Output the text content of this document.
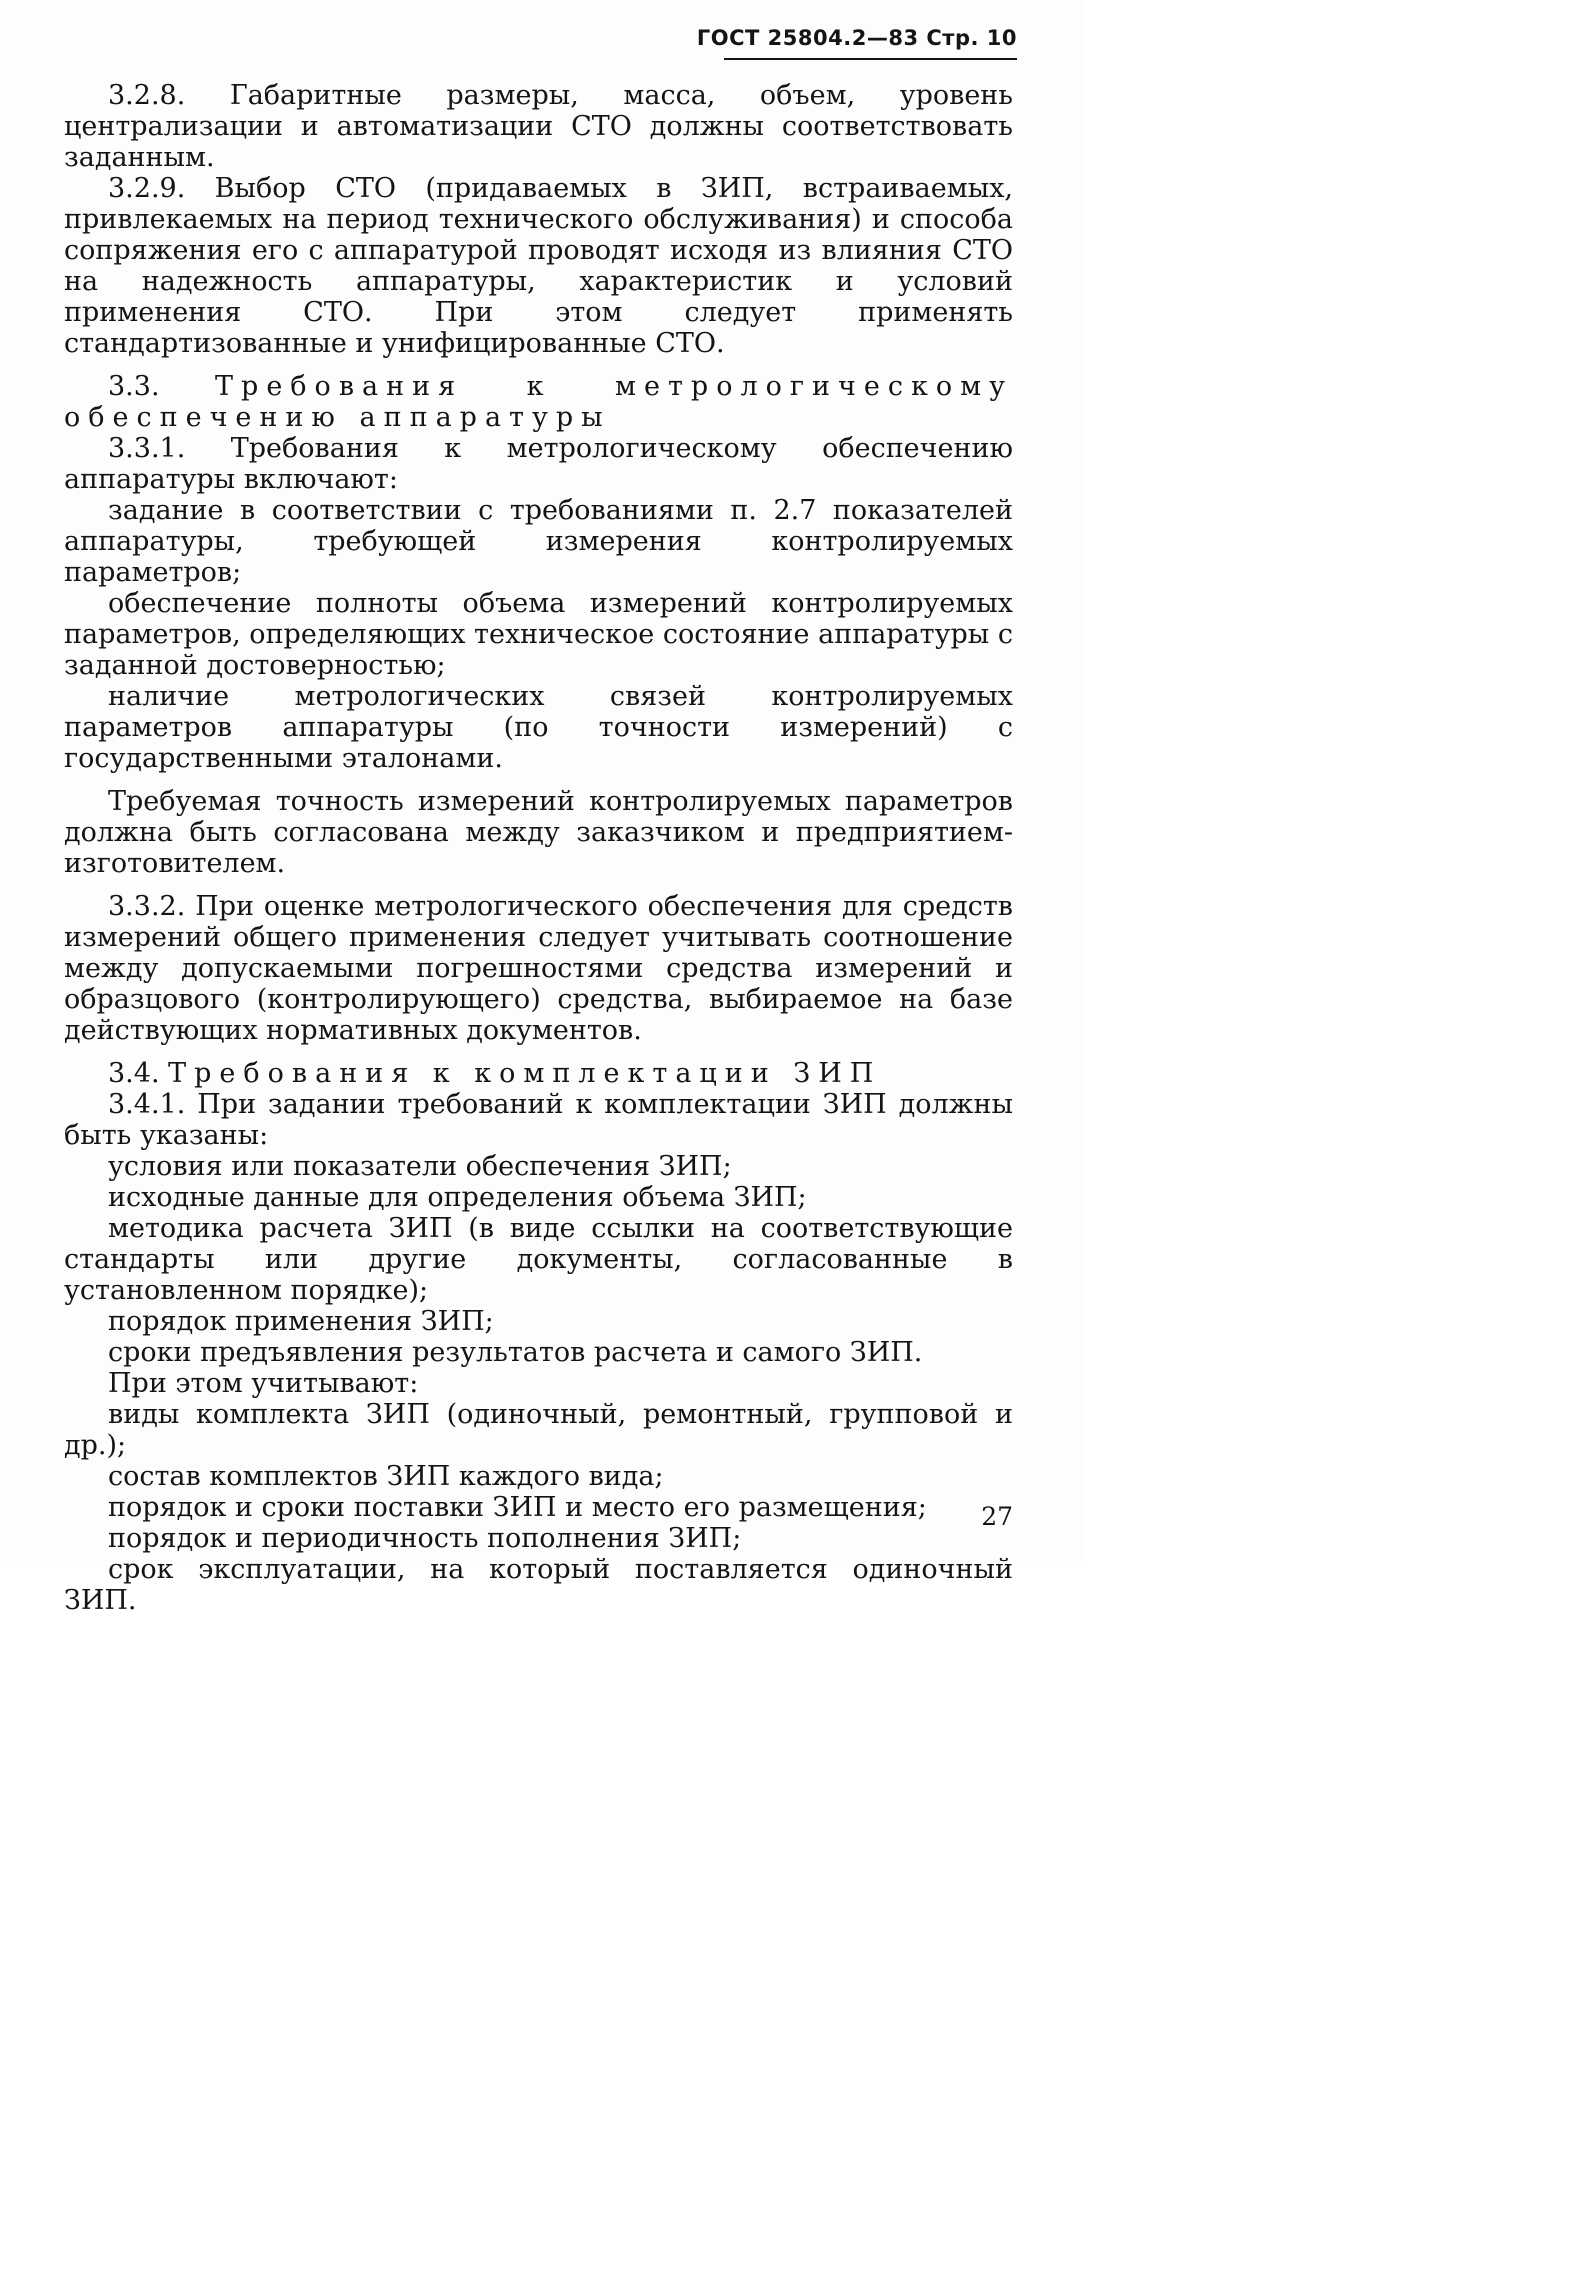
ГОСТ 25804.2—83 Стр. 10

3.2.8. Габаритные размеры, масса, объем, уровень централизации и автоматизации СТО должны соответствовать заданным.

3.2.9. Выбор СТО (придаваемых в ЗИП, встраиваемых, привлекаемых на период технического обслуживания) и способа сопряжения его с аппаратурой проводят исходя из влияния СТО на надежность аппаратуры, характеристик и условий применения СТО. При этом следует применять стандартизованные и унифицированные СТО.

3.3. Требования к метрологическому обеспечению аппаратуры

3.3.1. Требования к метрологическому обеспечению аппаратуры включают:

задание в соответствии с требованиями п. 2.7 показателей аппаратуры, требующей измерения контролируемых параметров;

обеспечение полноты объема измерений контролируемых параметров, определяющих техническое состояние аппаратуры с заданной достоверностью;

наличие метрологических связей контролируемых параметров аппаратуры (по точности измерений) с государственными эталонами.

Требуемая точность измерений контролируемых параметров должна быть согласована между заказчиком и предприятием-изготовителем.

3.3.2. При оценке метрологического обеспечения для средств измерений общего применения следует учитывать соотношение между допускаемыми погрешностями средства измерений и образцового (контролирующего) средства, выбираемое на базе действующих нормативных документов.

3.4. Требования к комплектации ЗИП

3.4.1. При задании требований к комплектации ЗИП должны быть указаны:

условия или показатели обеспечения ЗИП;

исходные данные для определения объема ЗИП;

методика расчета ЗИП (в виде ссылки на соответствующие стандарты или другие документы, согласованные в установленном порядке);

порядок применения ЗИП;

сроки предъявления результатов расчета и самого ЗИП.

При этом учитывают:

виды комплекта ЗИП (одиночный, ремонтный, групповой и др.);

состав комплектов ЗИП каждого вида;

порядок и сроки поставки ЗИП и место его размещения;

порядок и периодичность пополнения ЗИП;

срок эксплуатации, на который поставляется одиночный ЗИП.

27
